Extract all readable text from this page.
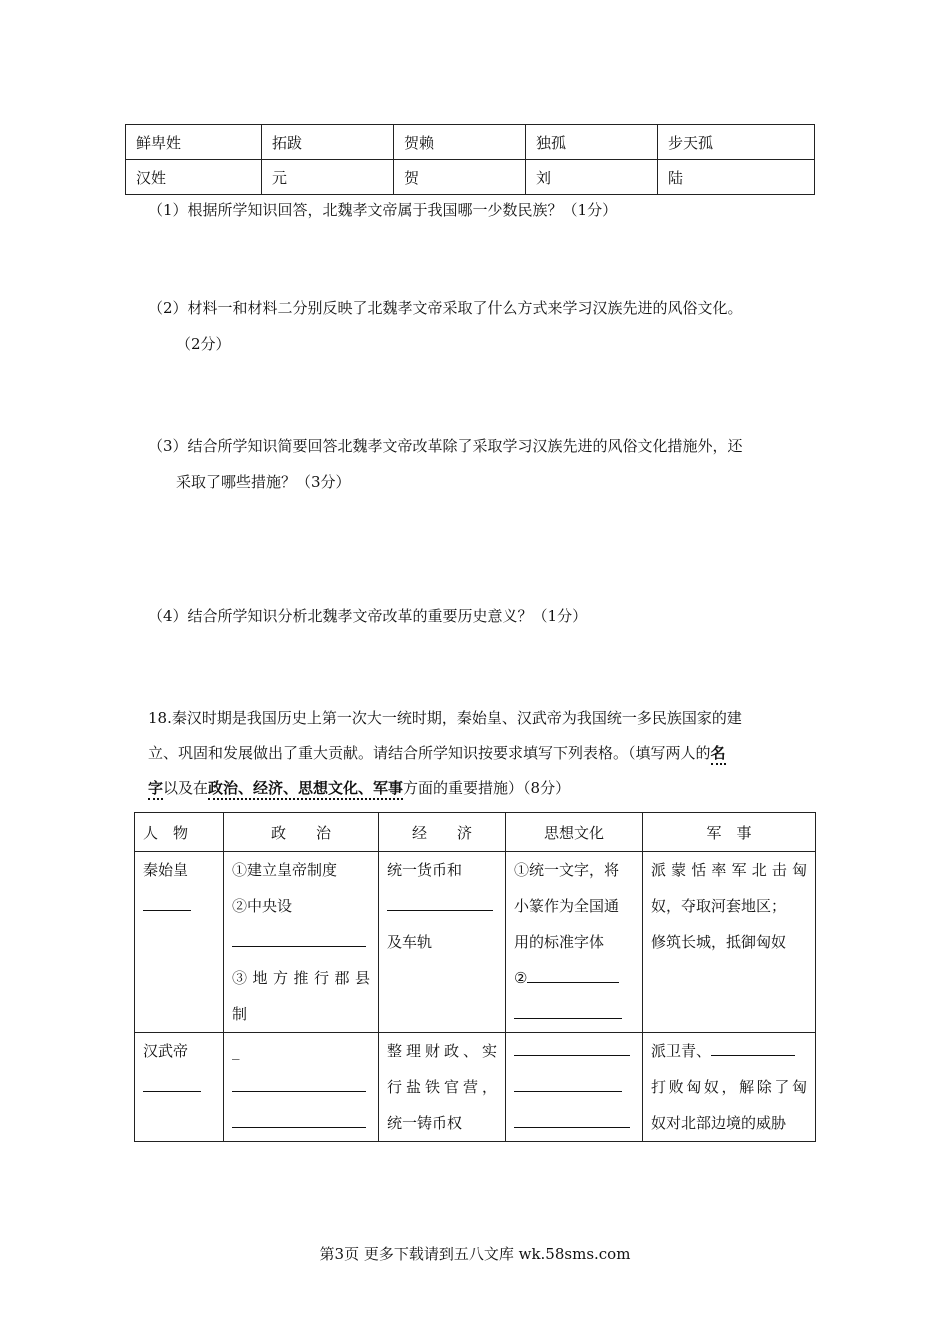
鲜卑姓	拓跋	贺赖	独孤	步天孤
汉姓	元	贺	刘	陆
（1）根据所学知识回答，北魏孝文帝属于我国哪一少数民族？（1分）
（2）材料一和材料二分别反映了北魏孝文帝采取了什么方式来学习汉族先进的风俗文化。
（2分）
（3）结合所学知识简要回答北魏孝文帝改革除了采取学习汉族先进的风俗文化措施外，还
采取了哪些措施？（3分）
（4）结合所学知识分析北魏孝文帝改革的重要历史意义？（1分）
18.秦汉时期是我国历史上第一次大一统时期，秦始皇、汉武帝为我国统一多民族国家的建
立、巩固和发展做出了重大贡献。请结合所学知识按要求填写下列表格。（填写两人的名
字以及在政治、经济、思想文化、军事方面的重要措施）（8分）
人　物	政　　治	经　　济	思想文化	军　事

秦始皇	①建立皇帝制度
②中央设
③地方推行郡县
制	统一货币和
及车轨	①统一文字，将
小篆作为全国通
用的标准字体
②	派蒙恬率军北击匈
奴，夺取河套地区；
修筑长城，抵御匈奴

汉武帝	_	整理财政、实
行盐铁官营，
统一铸币权		派卫青、
打败匈奴，解除了匈
奴对北部边境的威胁
第3页 更多下载请到五八文库 wk.58sms.com
